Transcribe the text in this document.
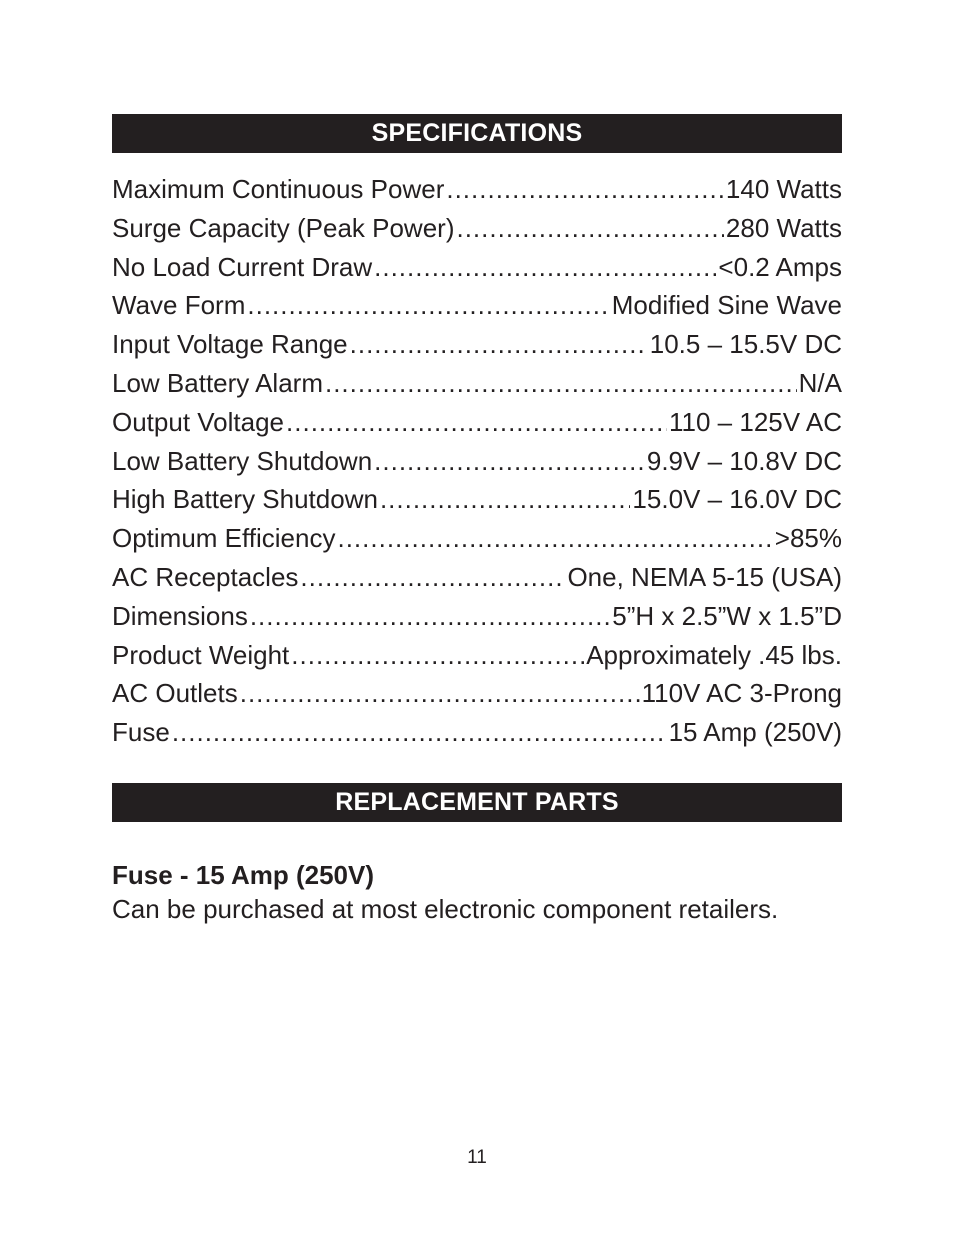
SPECIFICATIONS
Maximum Continuous Power .....	140 Watts
Surge Capacity (Peak Power) .....	280 Watts
No Load Current Draw .....	<0.2 Amps
Wave Form .....	Modified Sine Wave
Input Voltage Range .....	10.5 – 15.5V DC
Low Battery Alarm .....	N/A
Output Voltage .....	110 – 125V AC
Low Battery Shutdown .....	9.9V – 10.8V DC
High Battery Shutdown .....	15.0V – 16.0V DC
Optimum Efficiency .....	>85%
AC Receptacles .....	One, NEMA 5-15 (USA)
Dimensions .....	5”H x 2.5”W x 1.5”D
Product Weight .....	Approximately .45 lbs.
AC Outlets .....	110V AC 3-Prong
Fuse .....	15 Amp (250V)
REPLACEMENT PARTS
Fuse - 15 Amp (250V)
Can be purchased at most electronic component retailers.
11
